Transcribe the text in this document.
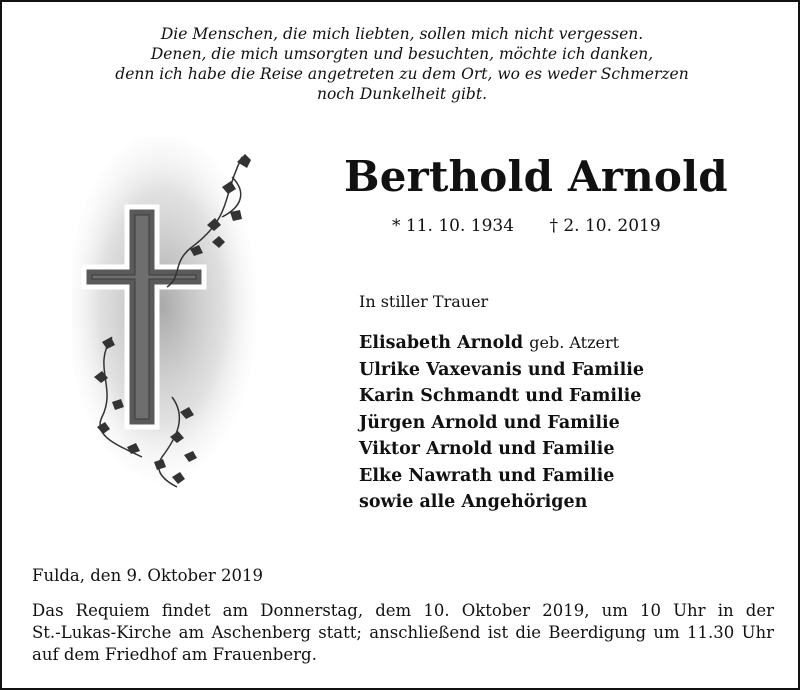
Die Menschen, die mich liebten, sollen mich nicht vergessen.
Denen, die mich umsorgten und besuchten, möchte ich danken,
denn ich habe die Reise angetreten zu dem Ort, wo es weder Schmerzen
noch Dunkelheit gibt.
Berthold Arnold
* 11. 10. 1934 † 2. 10. 2019
In stiller Trauer
Elisabeth Arnold geb. Atzert
Ulrike Vaxevanis und Familie
Karin Schmandt und Familie
Jürgen Arnold und Familie
Viktor Arnold und Familie
Elke Nawrath und Familie
sowie alle Angehörigen
Fulda, den 9. Oktober 2019
Das Requiem findet am Donnerstag, dem 10. Oktober 2019, um 10 Uhr in der
St.-Lukas-Kirche am Aschenberg statt; anschließend ist die Beerdigung um 11.30 Uhr
auf dem Friedhof am Frauenberg.
